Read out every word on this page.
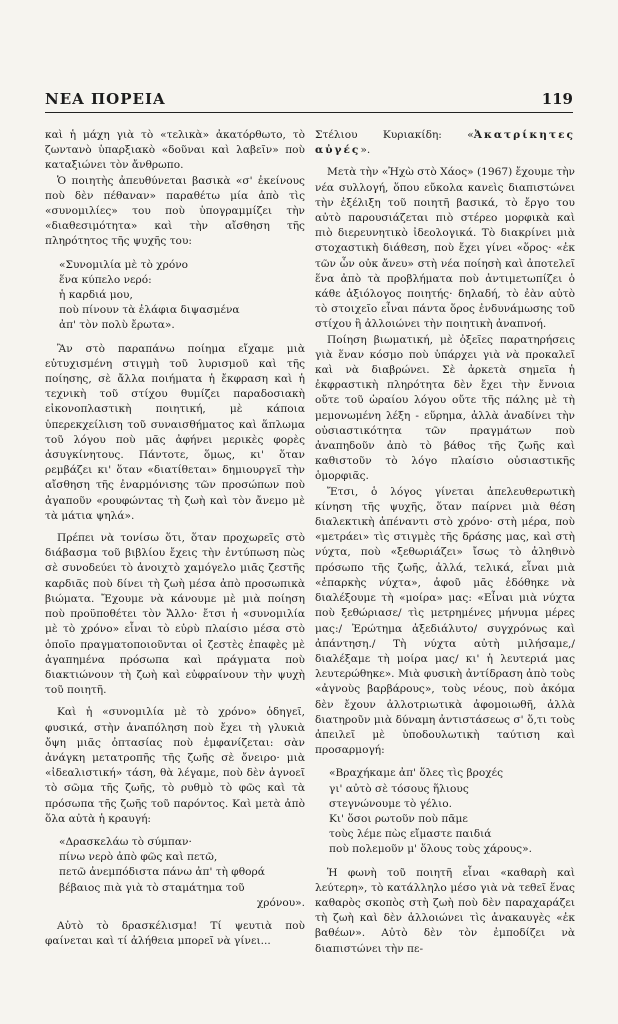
ΝΕΑ ΠΟΡΕΙΑ	119

καὶ ἡ μάχη γιὰ τὸ «τελικὰ» ἀκατόρθωτο, τὸ ζωντανὸ ὑπαρξιακὸ «δοῦναι καὶ λαβεῖν» ποὺ καταξιώνει τὸν ἄνθρωπο.

Ὁ ποιητὴς ἀπευθύνεται βασικὰ «σ' ἐκείνους ποὺ δὲν πέθαναν» παραθέτω μία ἀπὸ τὶς «συνομιλίες» του ποὺ ὑπογραμμίζει τὴν «διαθεσιμότητα» καὶ τὴν αἴσθηση τῆς πληρότητος τῆς ψυχῆς του:

«Συνομιλία μὲ τὸ χρόνο
ἕνα κύπελο νερό:
ἡ καρδιά μου,
ποὺ πίνουν τὰ ἐλάφια διψασμένα
ἀπ' τὸν πολὺ ἔρωτα».

Ἂν στὸ παραπάνω ποίημα εἴχαμε μιὰ εὐτυχισμένη στιγμὴ τοῦ λυρισμοῦ καὶ τῆς ποίησης, σὲ ἄλλα ποιήματα ἡ ἔκφραση καὶ ἡ τεχνικὴ τοῦ στίχου θυμίζει παραδοσιακὴ εἰκονοπλαστικὴ ποιητική, μὲ κάποια ὑπερεκχείλιση τοῦ συναισθήματος καὶ ἅπλωμα τοῦ λόγου ποὺ μᾶς ἀφήνει μερικὲς φορὲς ἀσυγκίνητους. Πάντοτε, ὅμως, κι' ὅταν ρεμβάζει κι' ὅταν «διατίθεται» δημιουργεῖ τὴν αἴσθηση τῆς ἐναρμόνισης τῶν προσώπων ποὺ ἀγαποῦν «ρουφώντας τὴ ζωὴ καὶ τὸν ἄνεμο μὲ τὰ μάτια ψηλά».

Πρέπει νὰ τονίσω ὅτι, ὅταν προχωρεῖς στὸ διάβασμα τοῦ βιβλίου ἔχεις τὴν ἐντύπωση πὼς σὲ συνοδεύει τὸ ἀνοιχτὸ χαμόγελο μιᾶς ζεστῆς καρδιᾶς ποὺ δίνει τὴ ζωὴ μέσα ἀπὸ προσωπικὰ βιώματα. Ἔχουμε νὰ κάνουμε μὲ μιὰ ποίηση ποὺ προϋποθέτει τὸν Ἄλλο· ἔτσι ἡ «συνομιλία μὲ τὸ χρόνο» εἶναι τὸ εὐρὺ πλαίσιο μέσα στὸ ὁποῖο πραγματοποιοῦνται οἱ ζεστὲς ἐπαφὲς μὲ ἀγαπημένα πρόσωπα καὶ πράγματα ποὺ διακτιώνουν τὴ ζωὴ καὶ εὐφραίνουν τὴν ψυχὴ τοῦ ποιητῆ.

Καὶ ἡ «συνομιλία μὲ τὸ χρόνο» ὁδηγεῖ, φυσικά, στὴν ἀναπόληση ποὺ ἔχει τὴ γλυκιὰ ὄψη μιᾶς ὀπτασίας ποὺ ἐμφανίζεται: σὰν ἀνάγκη μετατροπῆς τῆς ζωῆς σὲ ὄνειρο· μιὰ «ἰδεαλιστική» τάση, θὰ λέγαμε, ποὺ δὲν ἀγνοεῖ τὸ σῶμα τῆς ζωῆς, τὸ ρυθμὸ τὸ φῶς καὶ τὰ πρόσωπα τῆς ζωῆς τοῦ παρόντος. Καὶ μετὰ ἀπὸ ὅλα αὐτὰ ἡ κραυγή:

«Δρασκελάω τὸ σύμπαν·
πίνω νερὸ ἀπὸ φῶς καὶ πετῶ,
πετῶ ἀνεμπόδιστα πάνω ἀπ' τὴ φθορά
βέβαιος πιὰ γιὰ τὸ σταμάτημα τοῦ
χρόνου».

Αὐτὸ τὸ δρασκέλισμα! Τί ψευτιὰ ποὺ φαίνεται καὶ τί ἀλήθεια μπορεῖ νὰ γίνει...

Στέλιου Κυριακίδη: «Ἀκατρίκητες αὐγές».

Μετὰ τὴν «Ἠχὼ στὸ Χάος» (1967) ἔχουμε τὴν νέα συλλογή, ὅπου εὔκολα κανεὶς διαπιστώνει τὴν ἐξέλιξη τοῦ ποιητῆ βασικά, τὸ ἔργο του αὐτὸ παρουσιάζεται πιὸ στέρεο μορφικὰ καὶ πιὸ διερευνητικὸ ἰδεολογικά. Τὸ διακρίνει μιὰ στοχαστικὴ διάθεση, ποὺ ἔχει γίνει «ὅρος· «ἐκ τῶν ὧν οὐκ ἄνευ» στὴ νέα ποίησὴ καὶ ἀποτελεῖ ἕνα ἀπὸ τὰ προβλήματα ποὺ ἀντιμετωπίζει ὁ κάθε ἀξιόλογος ποιητής· δηλαδή, τὸ ἐὰν αὐτὸ τὸ στοιχεῖο εἶναι πάντα ὅρος ἐνδυνάμωσης τοῦ στίχου ἢ ἀλλοιώνει τὴν ποιητικὴ ἀναπνοή.

Ποίηση βιωματική, μὲ ὀξεῖες παρατηρήσεις γιὰ ἕναν κόσμο ποὺ ὑπάρχει γιὰ νὰ προκαλεῖ καὶ νὰ διαβρώνει. Σὲ ἀρκετὰ σημεῖα ἡ ἐκφραστικὴ πληρότητα δὲν ἔχει τὴν ἔννοια οὔτε τοῦ ὡραίου λόγου οὔτε τῆς πάλης μὲ τὴ μεμονωμένη λέξη - εὕρημα, ἀλλὰ ἀναδίνει τὴν οὐσιαστικότητα τῶν πραγμάτων ποὺ ἀναπηδοῦν ἀπὸ τὸ βάθος τῆς ζωῆς καὶ καθιστοῦν τὸ λόγο πλαίσιο οὐσιαστικῆς ὁμορφιᾶς.

Ἔτσι, ὁ λόγος γίνεται ἀπελευθερωτικὴ κίνηση τῆς ψυχῆς, ὅταν παίρνει μιὰ θέση διαλεκτικὴ ἀπέναντι στὸ χρόνο· στὴ μέρα, ποὺ «μετράει» τὶς στιγμὲς τῆς δράσης μας, καὶ στὴ νύχτα, ποὺ «ξεθωριάζει» ἴσως τὸ ἀληθινὸ πρόσωπο τῆς ζωῆς, ἀλλά, τελικά, εἶναι μιὰ «ἐπαρκὴς νύχτα», ἀφοῦ μᾶς ἐδόθηκε νὰ διαλέξουμε τὴ «μοίρα» μας: «Εἶναι μιὰ νύχτα ποὺ ξεθώριασε/ τὶς μετρημένες μήνυμα μέρες μας:/ Ἐρώτημα ἀξεδιάλυτο/ συγχρόνως καὶ ἀπάντηση./ Τὴ νύχτα αὐτὴ μιλήσαμε,/ διαλέξαμε τὴ μοίρα μας/ κι' ἡ λευτεριά μας λευτερώθηκε». Μιὰ φυσικὴ ἀντίδραση ἀπὸ τοὺς «ἀγνοὺς βαρβάρους», τοὺς νέους, ποὺ ἀκόμα δὲν ἔχουν ἀλλοτριωτικὰ ἀφομοιωθῆ, ἀλλὰ διατηροῦν μιὰ δύναμη ἀντιστάσεως σ' ὅ,τι τοὺς ἀπειλεῖ μὲ ὑποδουλωτικὴ ταύτιση καὶ προσαρμογή:

«Βραχήκαμε ἀπ' ὅλες τὶς βροχές
γι' αὐτὸ σὲ τόσους ἥλιους
στεγνώνουμε τὸ γέλιο.
Κι' ὅσοι ρωτοῦν ποὺ πᾶμε
τοὺς λέμε πὼς εἴμαστε παιδιά
ποὺ πολεμοῦν μ' ὅλους τοὺς χάρους».

Ἡ φωνὴ τοῦ ποιητῆ εἶναι «καθαρὴ καὶ λεύτερη», τὸ κατάλληλο μέσο γιὰ νὰ τεθεῖ ἕνας καθαρὸς σκοπὸς στὴ ζωὴ ποὺ δὲν παραχαράζει τὴ ζωὴ καὶ δὲν ἀλλοιώνει τὶς ἀνακαυγὲς «ἐκ βαθέων». Αὐτὸ δὲν τὸν ἐμποδίζει νὰ διαπιστώνει τὴν πε-
